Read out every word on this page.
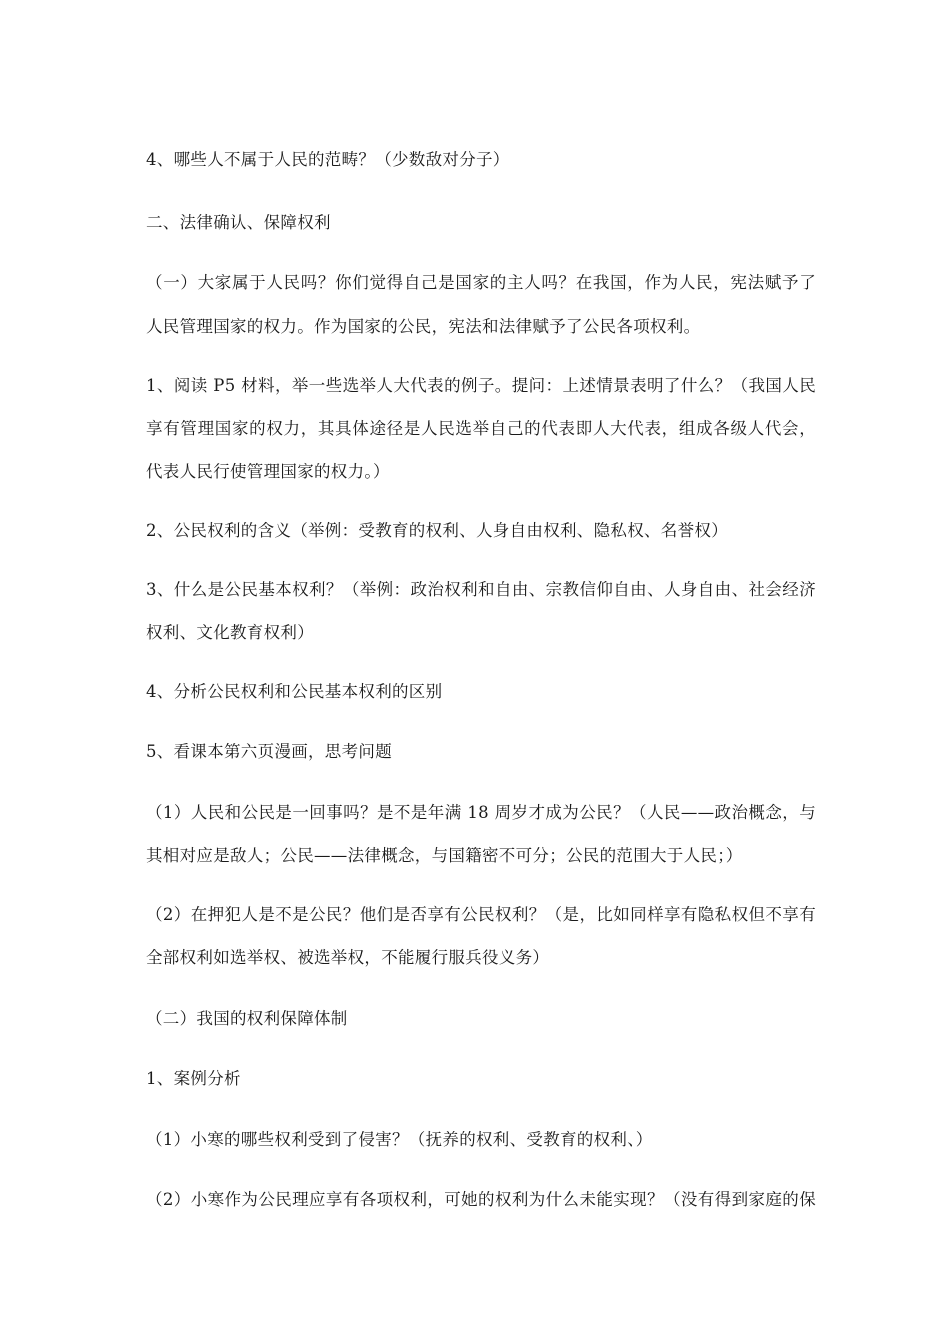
4、哪些人不属于人民的范畴？（少数敌对分子）
二、法律确认、保障权利
（一）大家属于人民吗？你们觉得自己是国家的主人吗？在我国，作为人民，宪法赋予了
人民管理国家的权力。作为国家的公民，宪法和法律赋予了公民各项权利。
1、阅读 P5 材料，举一些选举人大代表的例子。提问：上述情景表明了什么？（我国人民
享有管理国家的权力，其具体途径是人民选举自己的代表即人大代表，组成各级人代会，
代表人民行使管理国家的权力。）
2、公民权利的含义（举例：受教育的权利、人身自由权利、隐私权、名誉权）
3、什么是公民基本权利？（举例：政治权利和自由、宗教信仰自由、人身自由、社会经济
权利、文化教育权利）
4、分析公民权利和公民基本权利的区别
5、看课本第六页漫画，思考问题
（1）人民和公民是一回事吗？是不是年满 18 周岁才成为公民？（人民——政治概念，与
其相对应是敌人；公民——法律概念，与国籍密不可分；公民的范围大于人民；）
（2）在押犯人是不是公民？他们是否享有公民权利？（是，比如同样享有隐私权但不享有
全部权利如选举权、被选举权，不能履行服兵役义务）
（二）我国的权利保障体制
1、案例分析
（1）小寒的哪些权利受到了侵害？（抚养的权利、受教育的权利、）
（2）小寒作为公民理应享有各项权利，可她的权利为什么未能实现？（没有得到家庭的保
